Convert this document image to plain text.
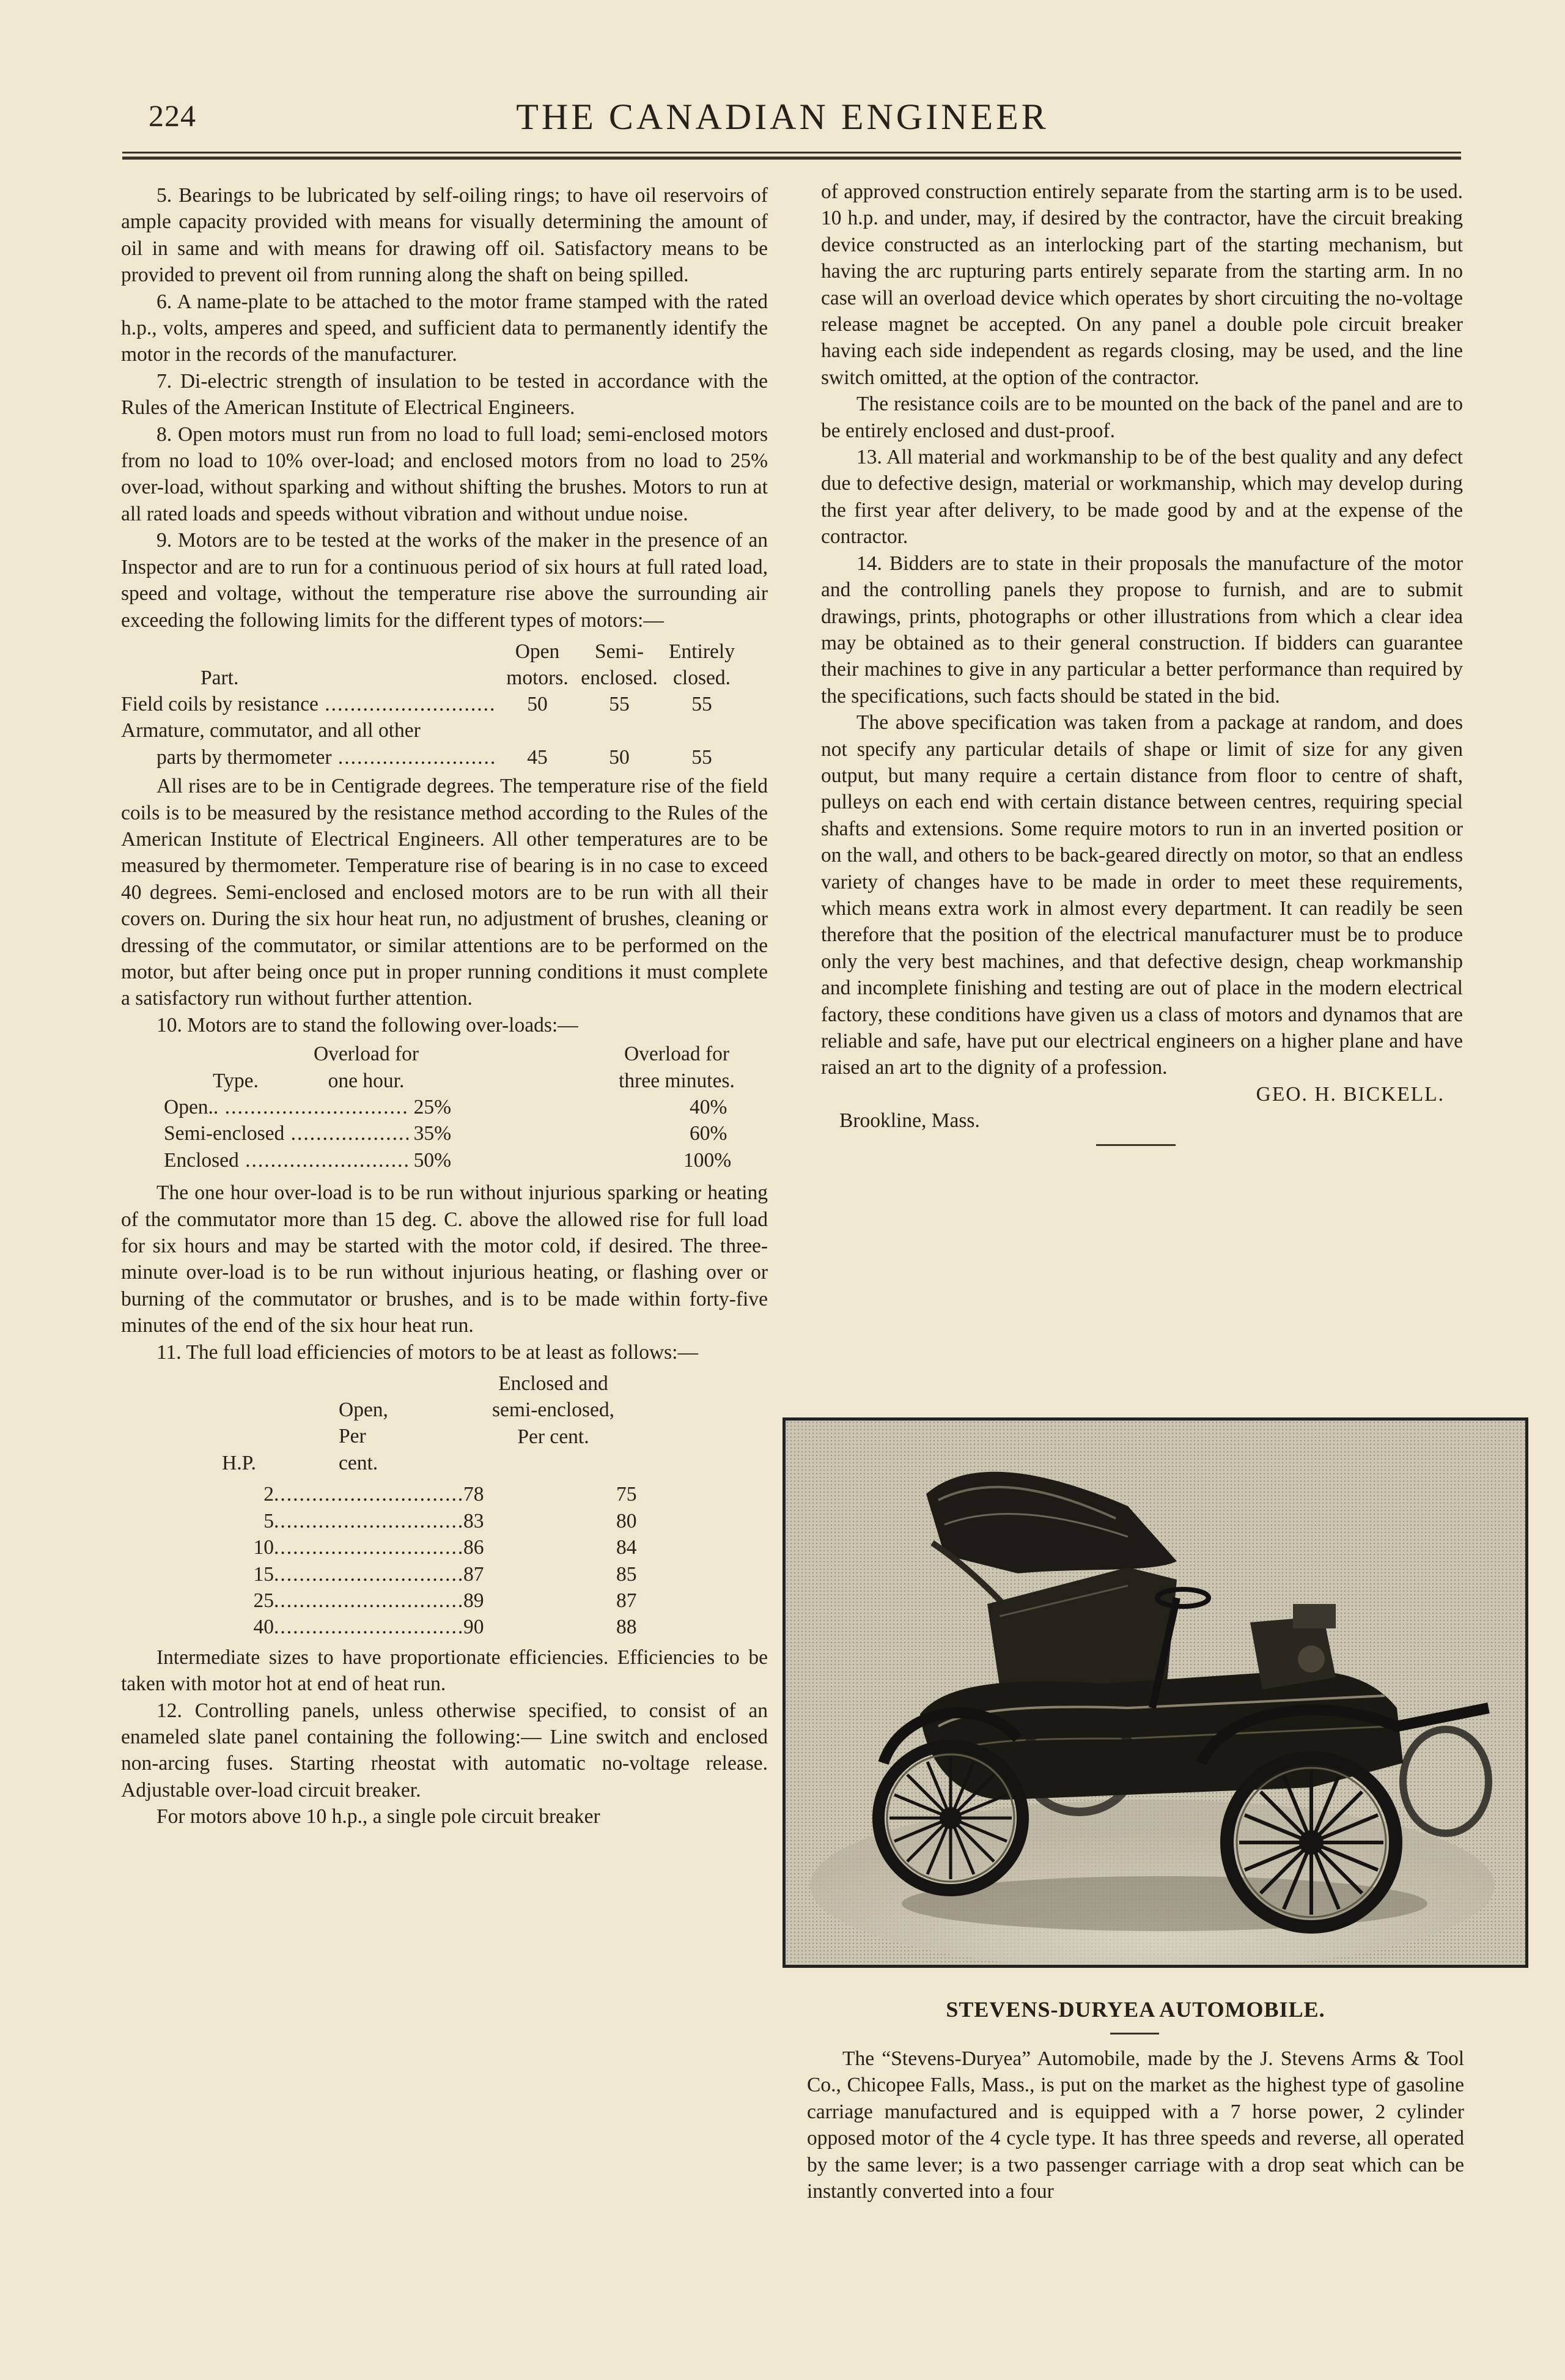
224	THE CANADIAN ENGINEER

5. Bearings to be lubricated by self-oiling rings; to have oil reservoirs of ample capacity provided with means for visually determining the amount of oil in same and with means for drawing off oil. Satisfactory means to be provided to prevent oil from running along the shaft on being spilled.

6. A name-plate to be attached to the motor frame stamped with the rated h.p., volts, amperes and speed, and sufficient data to permanently identify the motor in the records of the manufacturer.

7. Di-electric strength of insulation to be tested in accordance with the Rules of the American Institute of Electrical Engineers.

8. Open motors must run from no load to full load; semi-enclosed motors from no load to 10% over-load; and enclosed motors from no load to 25% over-load, without sparking and without shifting the brushes. Motors to run at all rated loads and speeds without vibration and without undue noise.

9. Motors are to be tested at the works of the maker in the presence of an Inspector and are to run for a continuous period of six hours at full rated load, speed and voltage, without the temperature rise above the surrounding air exceeding the following limits for the different types of motors:—

Part.
Open motors.
Semi- enclosed.
Entirely closed.
Field coils by resistance .....	50	55	55
Armature, commutator, and all other
parts by thermometer .....	45	50	55

All rises are to be in Centigrade degrees. The temperature rise of the field coils is to be measured by the resistance method according to the Rules of the American Institute of Electrical Engineers. All other temperatures are to be measured by thermometer. Temperature rise of bearing is in no case to exceed 40 degrees. Semi-enclosed and enclosed motors are to be run with all their covers on. During the six hour heat run, no adjustment of brushes, cleaning or dressing of the commutator, or similar attentions are to be performed on the motor, but after being once put in proper running conditions it must complete a satisfactory run without further attention.

10. Motors are to stand the following over-loads:—

Type.
Overload for one hour.
Overload for three minutes.
Open.. .....	25%	40%
Semi-enclosed .....	35%	60%
Enclosed .....	50%	100%

The one hour over-load is to be run without injurious sparking or heating of the commutator more than 15 deg. C. above the allowed rise for full load for six hours and may be started with the motor cold, if desired. The three-minute over-load is to be run without injurious heating, or flashing over or burning of the commutator or brushes, and is to be made within forty-five minutes of the end of the six hour heat run.

11. The full load efficiencies of motors to be at least as follows:—

H.P.
Open, Per cent.
Enclosed and semi-enclosed, Per cent.
2 .....	78	75
5 .....	83	80
10 .....	86	84
15 .....	87	85
25 .....	89	87
40 .....	90	88

Intermediate sizes to have proportionate efficiencies. Efficiencies to be taken with motor hot at end of heat run.

12. Controlling panels, unless otherwise specified, to consist of an enameled slate panel containing the following:— Line switch and enclosed non-arcing fuses. Starting rheostat with automatic no-voltage release. Adjustable over-load circuit breaker.

For motors above 10 h.p., a single pole circuit breaker

of approved construction entirely separate from the starting arm is to be used. 10 h.p. and under, may, if desired by the contractor, have the circuit breaking device constructed as an interlocking part of the starting mechanism, but having the arc rupturing parts entirely separate from the starting arm. In no case will an overload device which operates by short circuiting the no-voltage release magnet be accepted. On any panel a double pole circuit breaker having each side independent as regards closing, may be used, and the line switch omitted, at the option of the contractor.

The resistance coils are to be mounted on the back of the panel and are to be entirely enclosed and dust-proof.

13. All material and workmanship to be of the best quality and any defect due to defective design, material or workmanship, which may develop during the first year after delivery, to be made good by and at the expense of the contractor.

14. Bidders are to state in their proposals the manufacture of the motor and the controlling panels they propose to furnish, and are to submit drawings, prints, photographs or other illustrations from which a clear idea may be obtained as to their general construction. If bidders can guarantee their machines to give in any particular a better performance than required by the specifications, such facts should be stated in the bid.

The above specification was taken from a package at random, and does not specify any particular details of shape or limit of size for any given output, but many require a certain distance from floor to centre of shaft, pulleys on each end with certain distance between centres, requiring special shafts and extensions. Some require motors to run in an inverted position or on the wall, and others to be back-geared directly on motor, so that an endless variety of changes have to be made in order to meet these requirements, which means extra work in almost every department. It can readily be seen therefore that the position of the electrical manufacturer must be to produce only the very best machines, and that defective design, cheap workmanship and incomplete finishing and testing are out of place in the modern electrical factory, these conditions have given us a class of motors and dynamos that are reliable and safe, have put our electrical engineers on a higher plane and have raised an art to the dignity of a profession.

GEO. H. BICKELL.

Brookline, Mass.

STEVENS-DURYEA AUTOMOBILE.

The “Stevens-Duryea” Automobile, made by the J. Stevens Arms & Tool Co., Chicopee Falls, Mass., is put on the market as the highest type of gasoline carriage manufactured and is equipped with a 7 horse power, 2 cylinder opposed motor of the 4 cycle type. It has three speeds and reverse, all operated by the same lever; is a two passenger carriage with a drop seat which can be instantly converted into a four
